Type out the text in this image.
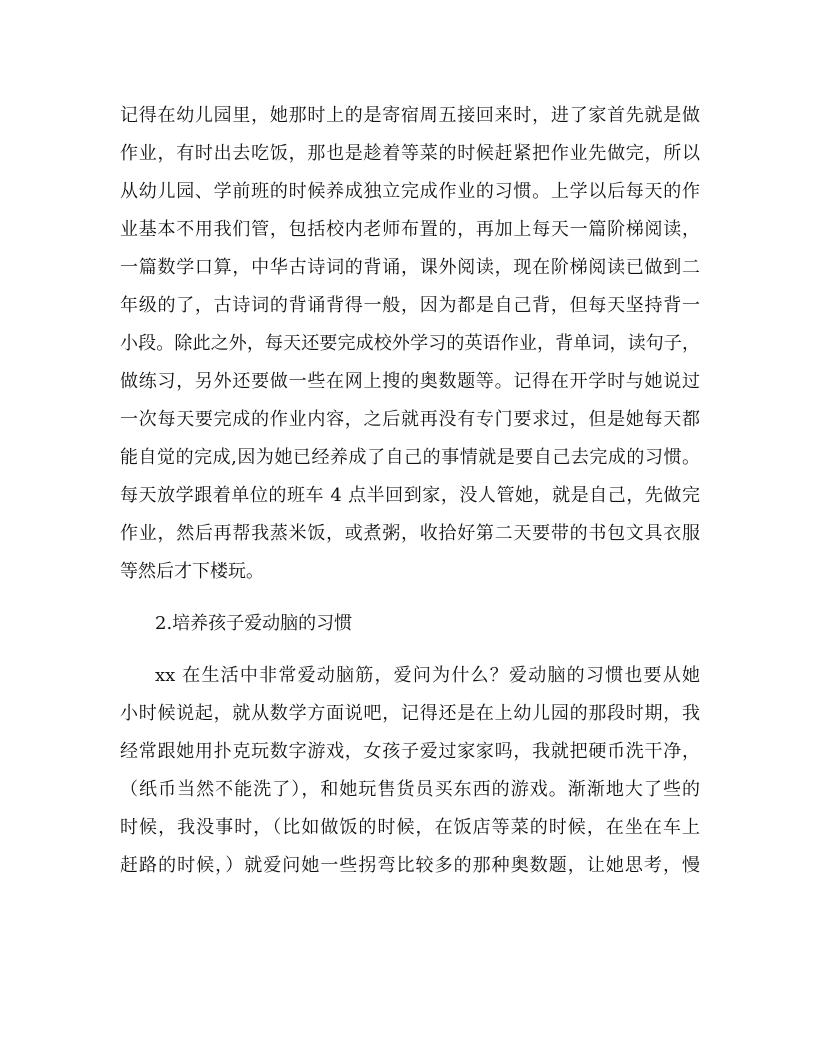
记得在幼儿园里，她那时上的是寄宿周五接回来时，进了家首先就是做
作业，有时出去吃饭，那也是趁着等菜的时候赶紧把作业先做完，所以
从幼儿园、学前班的时候养成独立完成作业的习惯。上学以后每天的作
业基本不用我们管，包括校内老师布置的，再加上每天一篇阶梯阅读，
一篇数学口算，中华古诗词的背诵，课外阅读，现在阶梯阅读已做到二
年级的了，古诗词的背诵背得一般，因为都是自己背，但每天坚持背一
小段。除此之外，每天还要完成校外学习的英语作业，背单词，读句子，
做练习，另外还要做一些在网上搜的奥数题等。记得在开学时与她说过
一次每天要完成的作业内容，之后就再没有专门要求过，但是她每天都
能自觉的完成,因为她已经养成了自己的事情就是要自己去完成的习惯。
每天放学跟着单位的班车 4 点半回到家，没人管她，就是自己，先做完
作业，然后再帮我蒸米饭，或煮粥，收拾好第二天要带的书包文具衣服
等然后才下楼玩。
2.培养孩子爱动脑的习惯
xx 在生活中非常爱动脑筋，爱问为什么？爱动脑的习惯也要从她
小时候说起，就从数学方面说吧，记得还是在上幼儿园的那段时期，我
经常跟她用扑克玩数字游戏，女孩子爱过家家吗，我就把硬币洗干净，
（纸币当然不能洗了），和她玩售货员买东西的游戏。渐渐地大了些的
时候，我没事时，（比如做饭的时候，在饭店等菜的时候，在坐在车上
赶路的时候，）就爱问她一些拐弯比较多的那种奥数题，让她思考，慢
